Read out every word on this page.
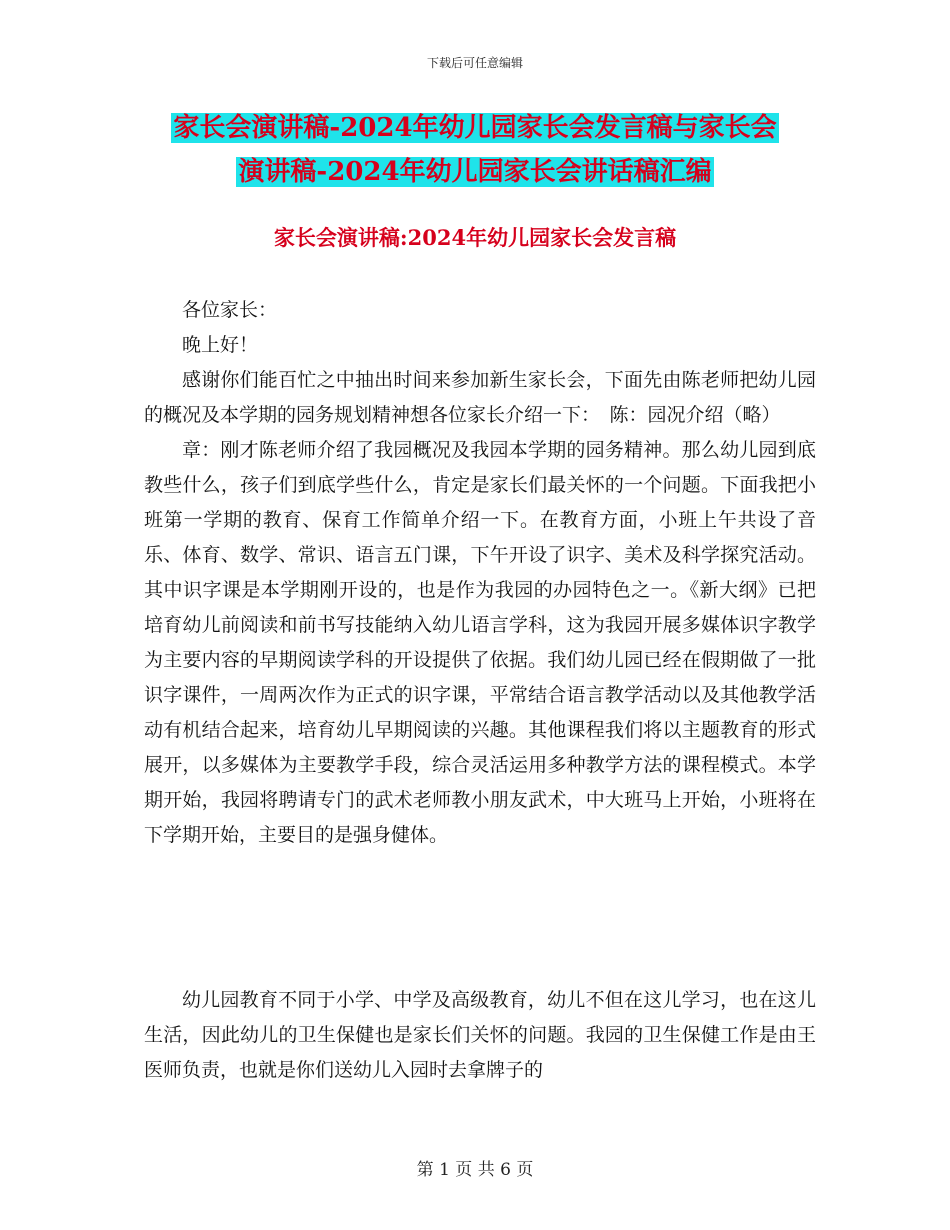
下载后可任意编辑
家长会演讲稿-2024年幼儿园家长会发言稿与家长会
演讲稿-2024年幼儿园家长会讲话稿汇编
家长会演讲稿:2024年幼儿园家长会发言稿

各位家长：

晚上好！

感谢你们能百忙之中抽出时间来参加新生家长会，下面先由陈老师把幼儿园的概况及本学期的园务规划精神想各位家长介绍一下：　陈：园况介绍（略）

章：刚才陈老师介绍了我园概况及我园本学期的园务精神。那么幼儿园到底教些什么，孩子们到底学些什么，肯定是家长们最关怀的一个问题。下面我把小班第一学期的教育、保育工作简单介绍一下。在教育方面，小班上午共设了音乐、体育、数学、常识、语言五门课，下午开设了识字、美术及科学探究活动。其中识字课是本学期刚开设的，也是作为我园的办园特色之一。《新大纲》已把培育幼儿前阅读和前书写技能纳入幼儿语言学科，这为我园开展多媒体识字教学为主要内容的早期阅读学科的开设提供了依据。我们幼儿园已经在假期做了一批识字课件，一周两次作为正式的识字课，平常结合语言教学活动以及其他教学活动有机结合起来，培育幼儿早期阅读的兴趣。其他课程我们将以主题教育的形式展开，以多媒体为主要教学手段，综合灵活运用多种教学方法的课程模式。本学期开始，我园将聘请专门的武术老师教小朋友武术，中大班马上开始，小班将在下学期开始，主要目的是强身健体。

幼儿园教育不同于小学、中学及高级教育，幼儿不但在这儿学习，也在这儿生活，因此幼儿的卫生保健也是家长们关怀的问题。我园的卫生保健工作是由王医师负责，也就是你们送幼儿入园时去拿牌子的

第 1 页 共 6 页
